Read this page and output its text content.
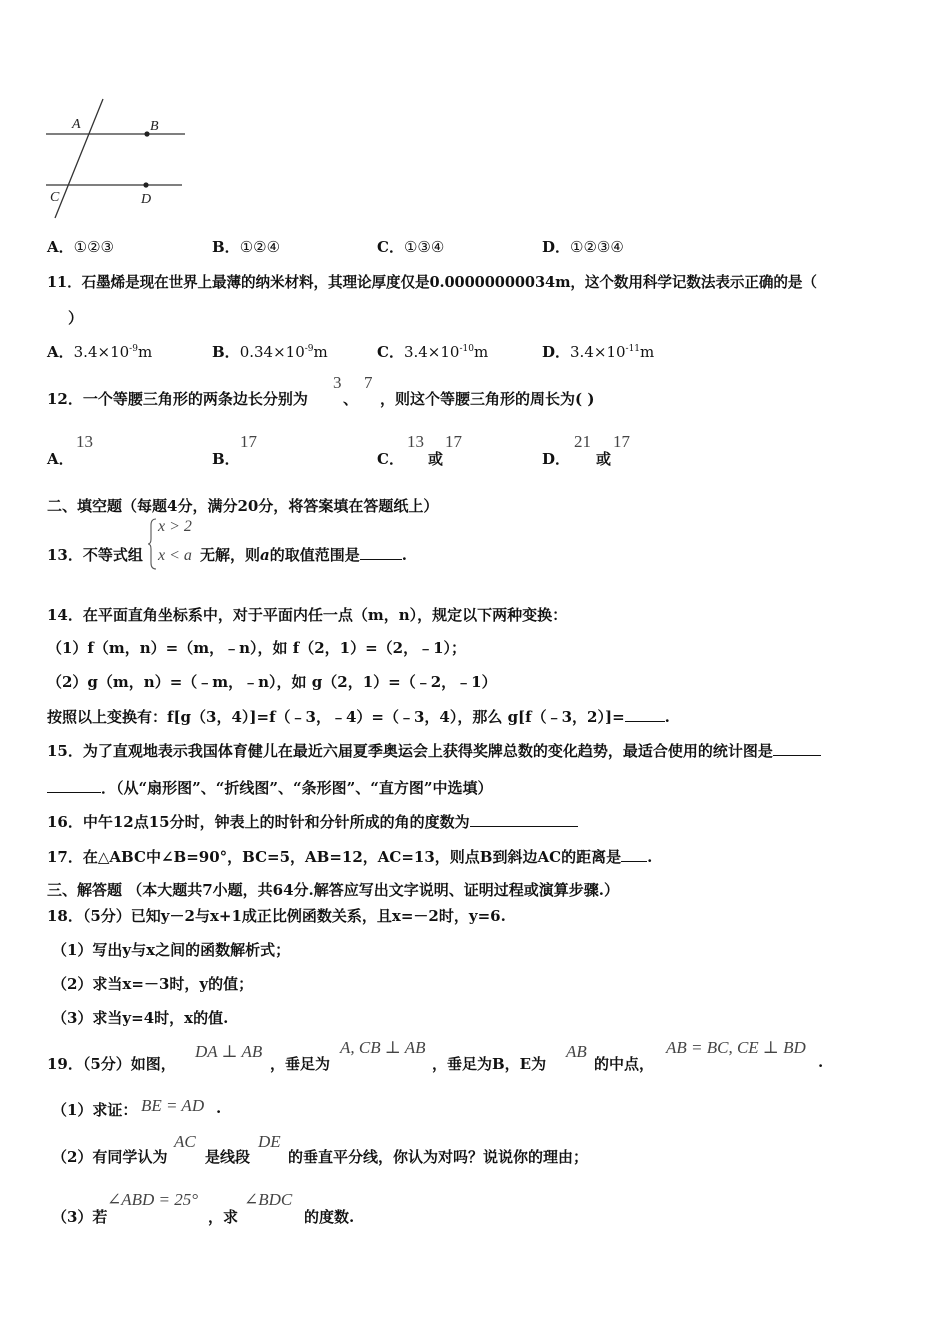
A	B
C	D
A．①②③	B．①②④	C．①③④	D．①②③④
11．石墨烯是现在世界上最薄的纳米材料，其理论厚度仅是0.00000000034m，这个数用科学记数法表示正确的是（
）
A．$3.4\times 10^{-9}m$	B．$0.34\times 10^{-9}m$	C．$3.4\times 10^{-10}m$	D．$3.4\times 10^{-11}m$
12．一个等腰三角形的两条边长分别为
3
、
7
，则这个等腰三角形的周长为( )
A．
13
B．
17
C．
13
或
17
D．
21
或
17
二、填空题（每题4分，满分20分，将答案填在答题纸上）
13．不等式组
x > 2
x < a 无解，则a的取值范围是	.
14．在平面直角坐标系中，对于平面内任一点（m，n），规定以下两种变换：
（1）f（m，n）=（m，﹣n），如 f（2，1）=（2，﹣1）；
（2）g（m，n）=（﹣m，﹣n），如 g（2，1）=（﹣2，﹣1）
按照以上变换有：f[g（3，4）]=f（﹣3，﹣4）=（﹣3，4），那么 g[f（﹣3，2）]=	.
15．为了直观地表示我国体育健儿在最近六届夏季奥运会上获得奖牌总数的变化趋势，最适合使用的统计图是
．（从“扇形图”、“折线图”、“条形图”、“直方图”中选填）
16．中午12点15分时，钟表上的时针和分针所成的角的度数为
17．在△ABC中∠B=90°，BC=5，AB=12，AC=13，则点B到斜边AC的距离是 .
三、解答题 （本大题共7小题，共64分.解答应写出文字说明、证明过程或演算步骤.）
18．（5分）已知y－2与x+1成正比例函数关系，且x=－2时，y=6.
（1）写出y与x之间的函数解析式；
（2）求当x=－3时，y的值；
（3）求当y=4时，x的值.
19．（5分）如图，
DA ⊥ AB
，垂足为
A, CB ⊥ AB
，垂足为B，E为
AB
的中点，
AB = BC, CE ⊥ BD
.
（1）求证： BE = AD .
（2）有同学认为
AC
是线段
DE
的垂直平分线，你认为对吗？说说你的理由；
（3）若
∠ABD = 25°
，求
∠BDC
的度数.
